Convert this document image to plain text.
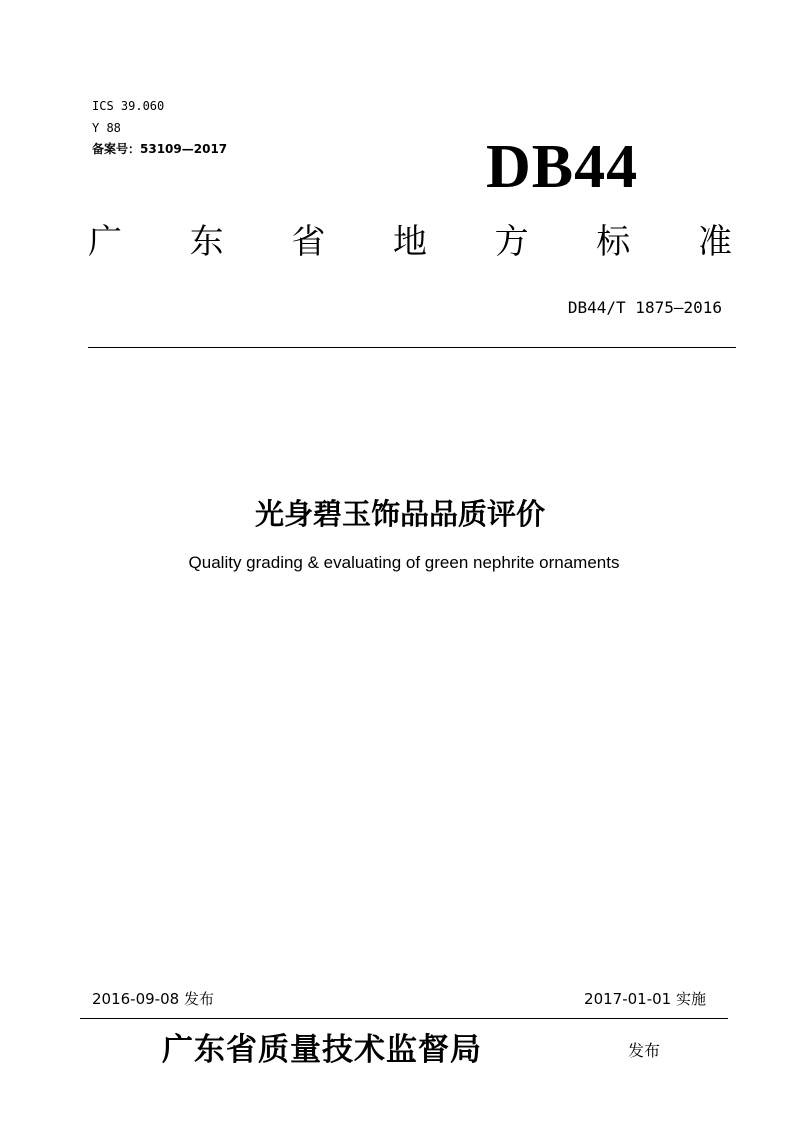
ICS 39.060
Y 88
备案号：53109—2017	DB44
广 东 省 地 方 标 准
DB44/T 1875—2016
光身碧玉饰品品质评价
Quality grading & evaluating of green nephrite ornaments
2016-09-08 发布	2017-01-01 实施
广东省质量技术监督局	发布
